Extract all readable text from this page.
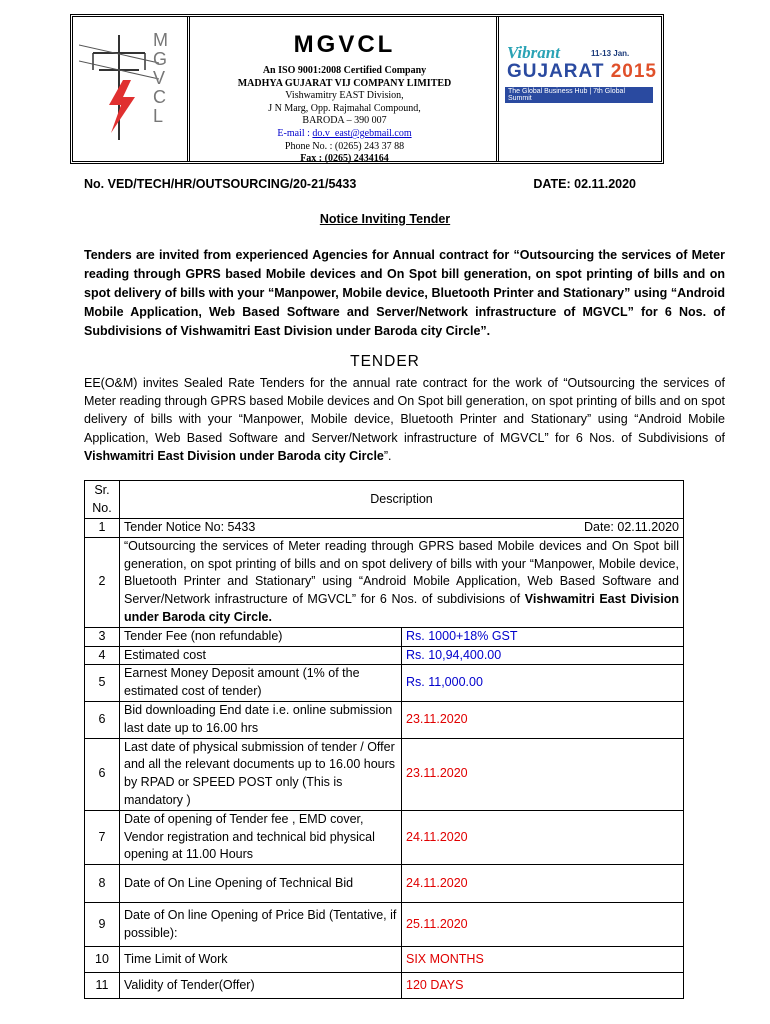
M
G
V
C
L
MGVCL
An ISO 9001:2008 Certified Company
MADHYA GUJARAT VIJ COMPANY LIMITED
Vishwamitry EAST Division,
J N Marg, Opp. Rajmahal Compound,
BARODA – 390 007
E-mail : do.v_east@gebmail.com
Phone No. : (0265) 243 37 88
Fax : (0265) 2434164
Vibrant	11-13 Jan.
GUJARAT 2015
The Global Business Hub | 7th Global Summit
No. VED/TECH/HR/OUTSOURCING/20-21/5433	DATE: 02.11.2020
Notice Inviting Tender

Tenders are invited from experienced Agencies for Annual contract for “Outsourcing the services of Meter reading through GPRS based Mobile devices and On Spot bill generation, on spot printing of bills and on spot delivery of bills with your “Manpower, Mobile device, Bluetooth Printer and Stationary” using “Android Mobile Application, Web Based Software and Server/Network infrastructure of MGVCL” for 6 Nos. of Subdivisions of Vishwamitri East Division under Baroda city Circle”.

TENDER

EE(O&M) invites Sealed Rate Tenders for the annual rate contract for the work of “Outsourcing the services of Meter reading through GPRS based Mobile devices and On Spot bill generation, on spot printing of bills and on spot delivery of bills with your “Manpower, Mobile device, Bluetooth Printer and Stationary” using “Android Mobile Application, Web Based Software and Server/Network infrastructure of MGVCL” for 6 Nos. of Subdivisions of Vishwamitri East Division under Baroda city Circle”.

Sr. No.	Description	
1	Tender Notice No: 5433 Date: 02.11.2020	

2	“Outsourcing the services of Meter reading through GPRS based Mobile devices and On Spot bill generation, on spot printing of bills and on spot delivery of bills with your “Manpower, Mobile device, Bluetooth Printer and Stationary” using “Android Mobile Application, Web Based Software and Server/Network infrastructure of MGVCL” for 6 Nos. of subdivisions of Vishwamitri East Division under Baroda city Circle.	
3	Tender Fee (non refundable)	Rs. 1000+18% GST
4	Estimated cost	Rs. 10,94,400.00
5	Earnest Money Deposit amount (1% of the estimated cost of tender)	Rs. 11,000.00
6	Bid downloading End date i.e. online submission last date up to 16.00 hrs	23.11.2020
6	Last date of physical submission of tender / Offer and all the relevant documents up to 16.00 hours by RPAD or SPEED POST only (This is mandatory )	23.11.2020
7	Date of opening of Tender fee , EMD cover, Vendor registration and technical bid physical opening at 11.00 Hours	24.11.2020
8	Date of On Line Opening of Technical Bid	24.11.2020
9	Date of On line Opening of Price Bid (Tentative, if possible):	25.11.2020
10	Time Limit of Work	SIX MONTHS
11	Validity of Tender(Offer)	120 DAYS
